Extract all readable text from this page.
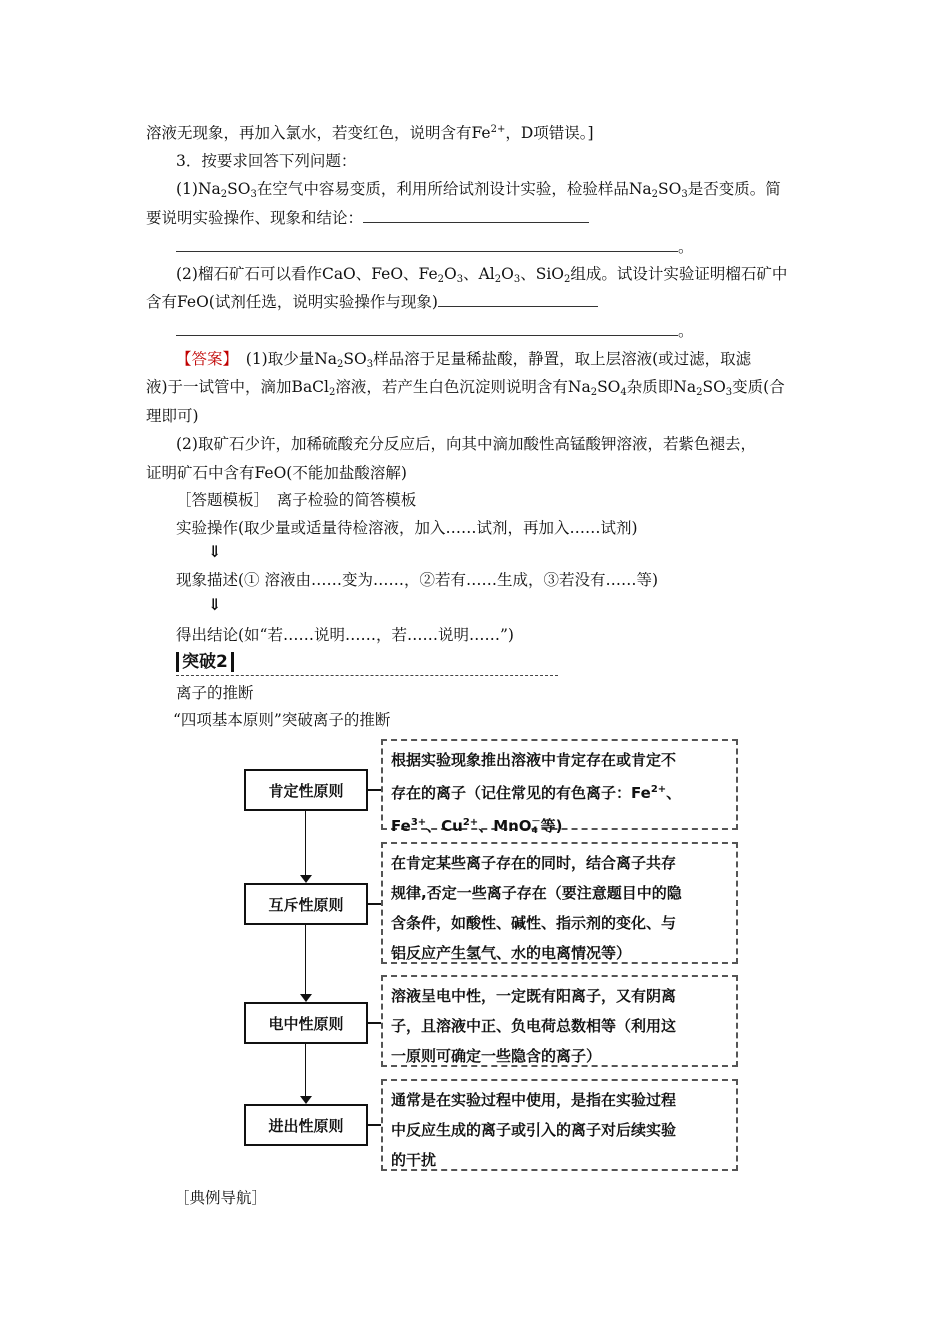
溶液无现象，再加入氯水，若变红色，说明含有$Fe^{2+}$，D项错误。]
3．按要求回答下列问题：
$(1)Na_2SO_3$在空气中容易变质，利用所给试剂设计实验，检验样品$Na_2SO_3$是否变质。简
要说明实验操作、现象和结论：
。
(2)榴石矿石可以看作CaO、FeO、$Fe_2O_3$、$Al_2O_3$、SiO$_2$组成。试设计实验证明榴石矿中
含有FeO(试剂任选，说明实验操作与现象)
。
【答案】　(1)取少量$Na_2SO_3$样品溶于足量稀盐酸，静置，取上层溶液(或过滤，取滤
液)于一试管中，滴加BaCl$_2$溶液，若产生白色沉淀则说明含有$Na_2SO_4$杂质即$Na_2SO_3$变质(合
理即可)
(2)取矿石少许，加稀硫酸充分反应后，向其中滴加酸性高锰酸钾溶液，若紫色褪去，
证明矿石中含有FeO(不能加盐酸溶解)
［答题模板］　离子检验的简答模板
实验操作(取少量或适量待检溶液，加入……试剂，再加入……试剂)
⇓
现象描述(① 溶液由……变为……，②若有……生成，③若没有……等)
⇓
得出结论(如“若……说明……，若……说明……”)
突破2
离子的推断
“四项基本原则”突破离子的推断
肯定性原则
互斥性原则
电中性原则
进出性原则
根据实验现象推出溶液中肯定存在或肯定不
存在的离子（记住常见的有色离子：$Fe^{2+}$、
$Fe^{3+}$、$Cu^{2+}$、MnO －
4 等)
在肯定某些离子存在的同时，结合离子共存
规律,否定一些离子存在（要注意题目中的隐
含条件，如酸性、碱性、指示剂的变化、与
铝反应产生氢气、水的电离情况等）
溶液呈电中性，一定既有阳离子，又有阴离
子，且溶液中正、负电荷总数相等（利用这
一原则可确定一些隐含的离子）
通常是在实验过程中使用，是指在实验过程
中反应生成的离子或引入的离子对后续实验
的干扰
［典例导航］
